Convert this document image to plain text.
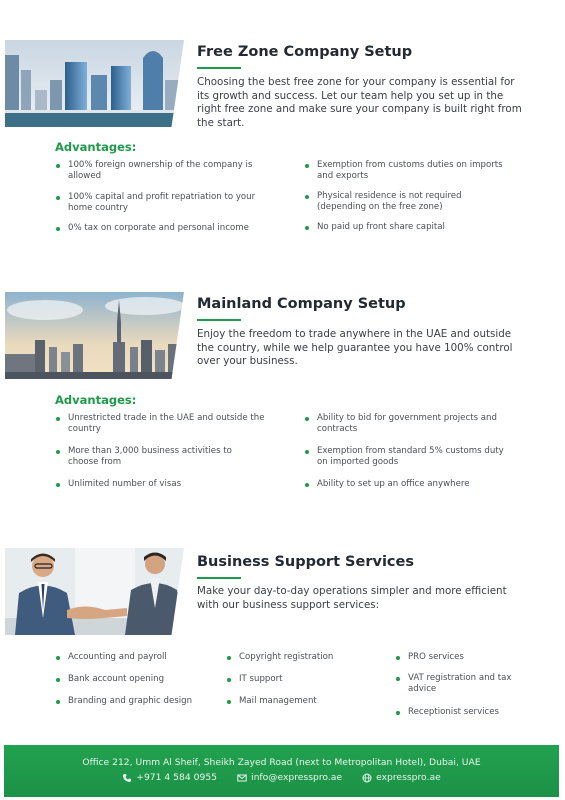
Free Zone Company Setup
Choosing the best free zone for your company is essential for its growth and success. Let our team help you set up in the right free zone and make sure your company is built right from the start.
Advantages:
100% foreign ownership of the company is allowed
100% capital and profit repatriation to your home country
0% tax on corporate and personal income
Exemption from customs duties on imports and exports
Physical residence is not required (depending on the free zone)
No paid up front share capital
Mainland Company Setup
Enjoy the freedom to trade anywhere in the UAE and outside the country, while we help guarantee you have 100% control over your business.
Advantages:
Unrestricted trade in the UAE and outside the country
More than 3,000 business activities to choose from
Unlimited number of visas
Ability to bid for government projects and contracts
Exemption from standard 5% customs duty on imported goods
Ability to set up an office anywhere
Business Support Services
Make your day-to-day operations simpler and more efficient with our business support services:
Accounting and payroll
Bank account opening
Branding and graphic design
Copyright registration
IT support
Mail management
PRO services
VAT registration and tax advice
Receptionist services
Office 212, Umm Al Sheif, Sheikh Zayed Road (next to Metropolitan Hotel), Dubai, UAE
+971 4 584 0955	info@expresspro.ae	expresspro.ae
